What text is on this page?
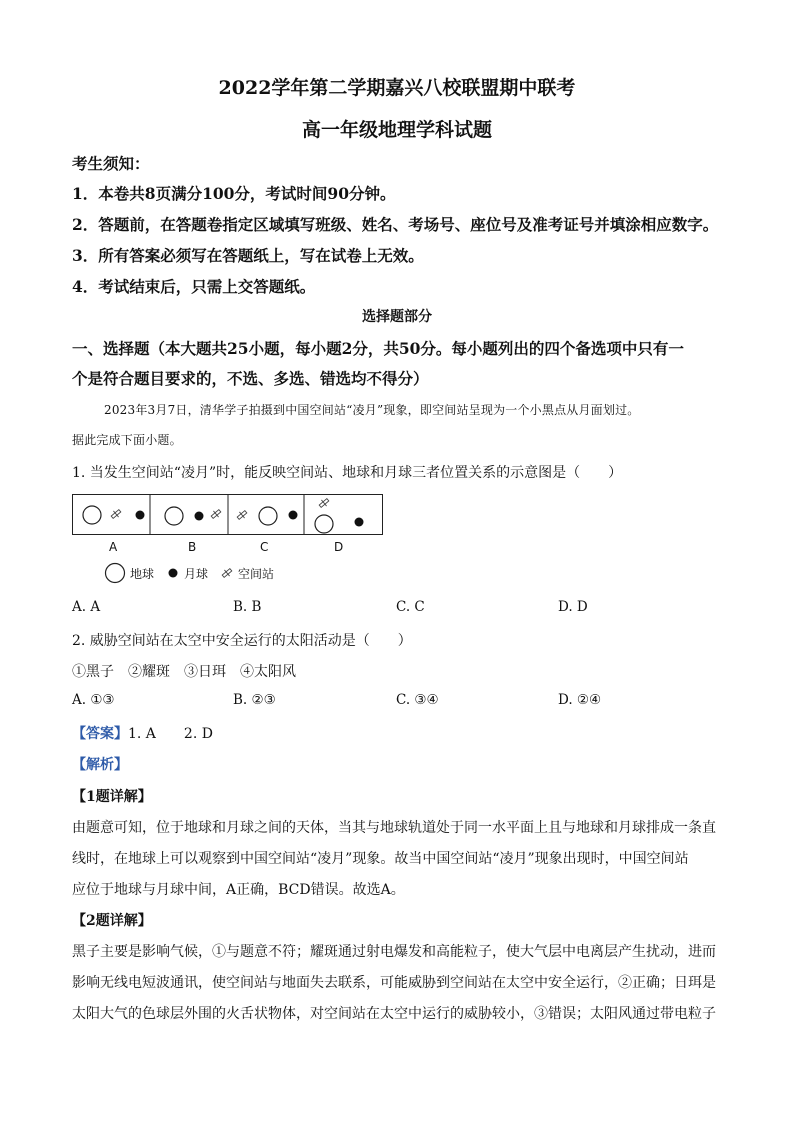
2022学年第二学期嘉兴八校联盟期中联考
高一年级地理学科试题
考生须知：
1．本卷共8页满分100分，考试时间90分钟。
2．答题前，在答题卷指定区域填写班级、姓名、考场号、座位号及准考证号并填涂相应数字。
3．所有答案必须写在答题纸上，写在试卷上无效。
4．考试结束后，只需上交答题纸。
选择题部分
一、选择题（本大题共25小题，每小题2分，共50分。每小题列出的四个备选项中只有一
个是符合题目要求的，不选、多选、错选均不得分）
2023年3月7日，清华学子拍摄到中国空间站“凌月”现象，即空间站呈现为一个小黑点从月面划过。
据此完成下面小题。
1. 当发生空间站“凌月”时，能反映空间站、地球和月球三者位置关系的示意图是（　　）
A	B	C	D
地球	月球	空间站
A. A	B. B	C. C	D. D
2. 威胁空间站在太空中安全运行的太阳活动是（　　）
①黑子　②耀斑　③日珥　④太阳风
A. ①③	B. ②③	C. ③④	D. ②④
【答案】1. A　　2. D
【解析】
【1题详解】
由题意可知，位于地球和月球之间的天体，当其与地球轨道处于同一水平面上且与地球和月球排成一条直
线时，在地球上可以观察到中国空间站“凌月”现象。故当中国空间站“凌月”现象出现时，中国空间站
应位于地球与月球中间，A正确，BCD错误。故选A。
【2题详解】
黑子主要是影响气候，①与题意不符；耀斑通过射电爆发和高能粒子，使大气层中电离层产生扰动，进而
影响无线电短波通讯，使空间站与地面失去联系，可能威胁到空间站在太空中安全运行，②正确；日珥是
太阳大气的色球层外围的火舌状物体，对空间站在太空中运行的威胁较小，③错误；太阳风通过带电粒子
